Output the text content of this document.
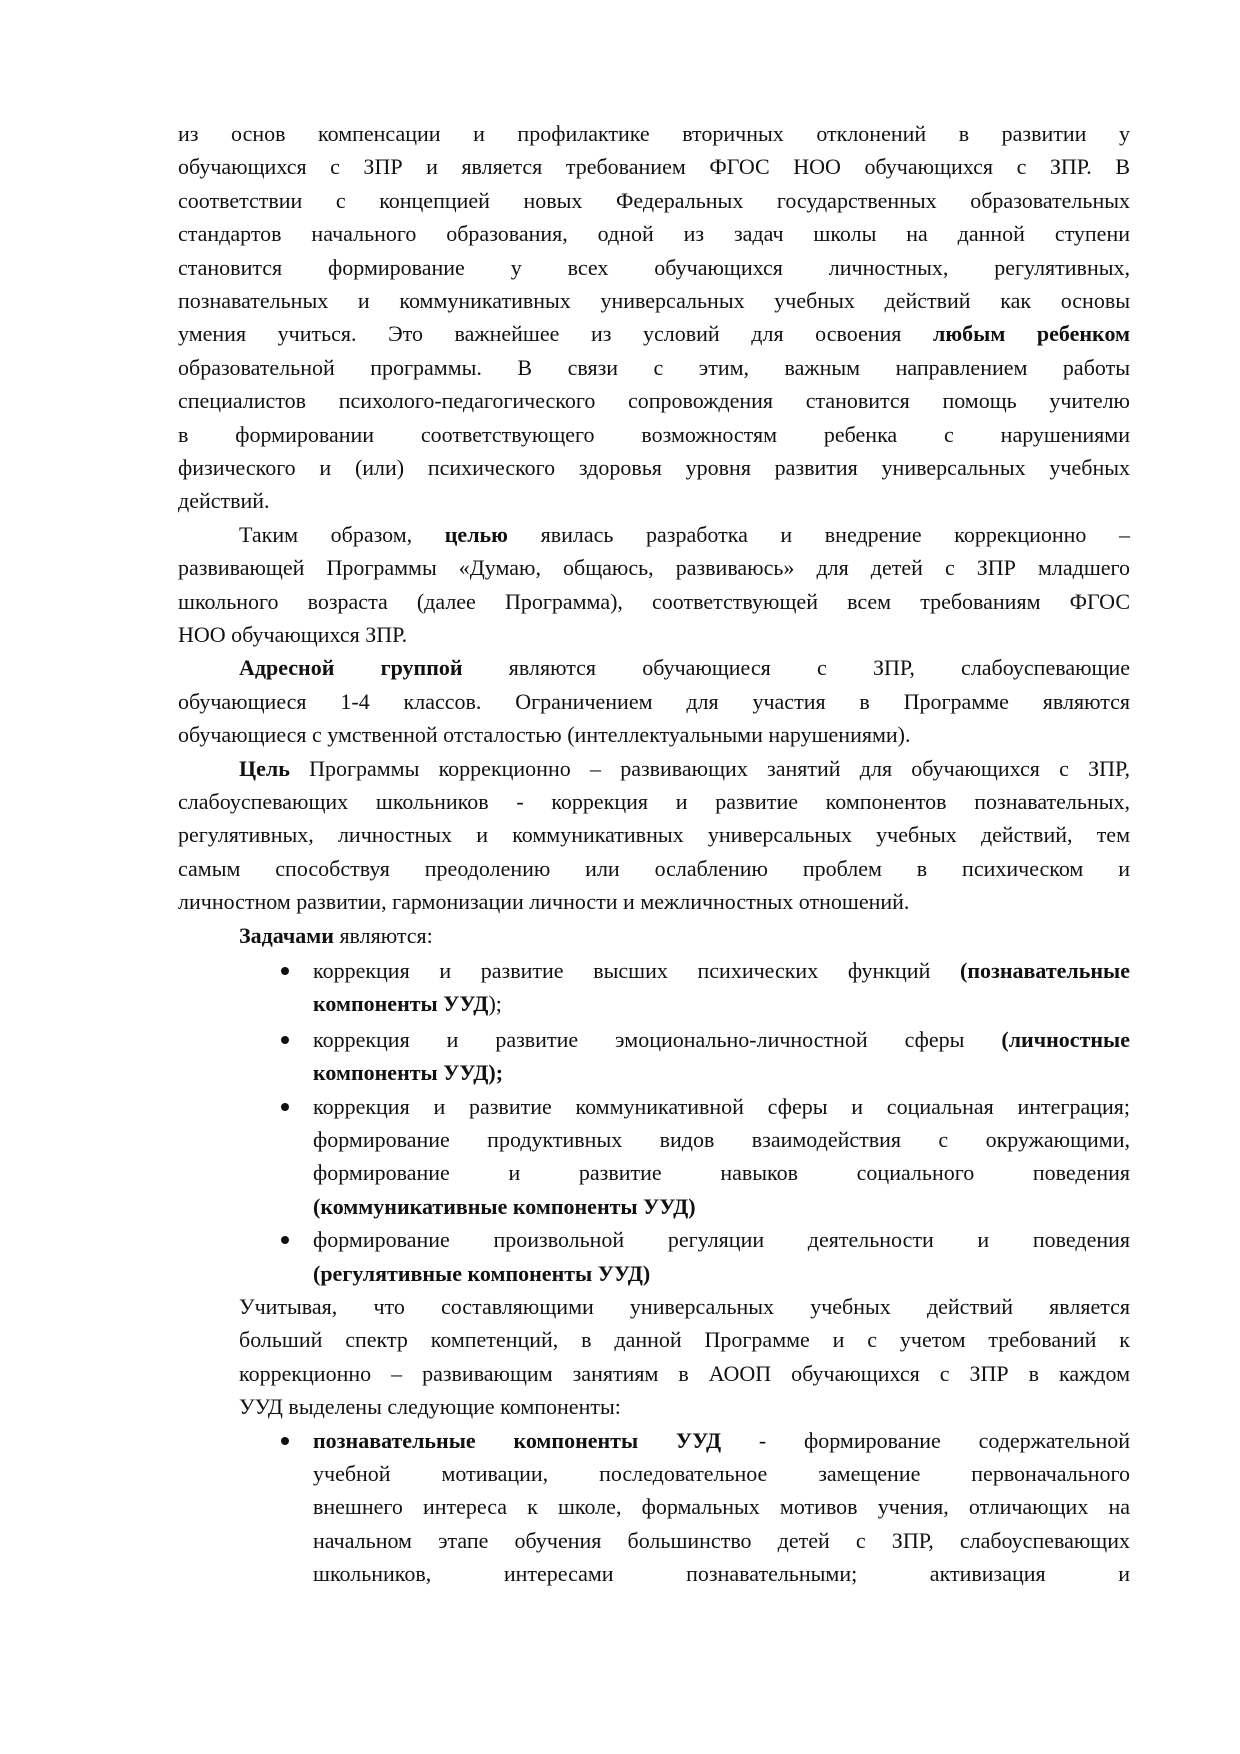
из основ компенсации и профилактике вторичных отклонений в развитии у
обучающихся с ЗПР и является требованием ФГОС НОО обучающихся с ЗПР. В
соответствии с концепцией новых Федеральных государственных образовательных
стандартов начального образования, одной из задач школы на данной ступени
становится формирование у всех обучающихся личностных, регулятивных,
познавательных и коммуникативных универсальных учебных действий как основы
умения учиться. Это важнейшее из условий для освоения любым ребенком
образовательной программы. В связи с этим, важным направлением работы
специалистов психолого-педагогического сопровождения становится помощь учителю
в формировании соответствующего возможностям ребенка с нарушениями
физического и (или) психического здоровья уровня развития универсальных учебных
действий.
Таким образом, целью явилась разработка и внедрение коррекционно –
развивающей Программы «Думаю, общаюсь, развиваюсь» для детей с ЗПР младшего
школьного возраста (далее Программа), соответствующей всем требованиям ФГОС
НОО обучающихся ЗПР.
Адресной группой являются обучающиеся с ЗПР, слабоуспевающие
обучающиеся 1-4 классов. Ограничением для участия в Программе являются
обучающиеся с умственной отсталостью (интеллектуальными нарушениями).
Цель Программы коррекционно – развивающих занятий для обучающихся с ЗПР,
слабоуспевающих школьников - коррекция и развитие компонентов познавательных,
регулятивных, личностных и коммуникативных универсальных учебных действий, тем
самым способствуя преодолению или ослаблению проблем в психическом и
личностном развитии, гармонизации личности и межличностных отношений.
Задачами являются:
коррекция и развитие высших психических функций (познавательные
компоненты УУД);
коррекция и развитие эмоционально-личностной сферы (личностные
компоненты УУД);
коррекция и развитие коммуникативной сферы и социальная интеграция;
формирование продуктивных видов взаимодействия с окружающими,
формирование и развитие навыков социального поведения
(коммуникативные компоненты УУД)
формирование произвольной регуляции деятельности и поведения
(регулятивные компоненты УУД)
Учитывая, что составляющими универсальных учебных действий является
больший спектр компетенций, в данной Программе и с учетом требований к
коррекционно – развивающим занятиям в АООП обучающихся с ЗПР в каждом
УУД выделены следующие компоненты:
познавательные компоненты УУД - формирование содержательной
учебной мотивации, последовательное замещение первоначального
внешнего интереса к школе, формальных мотивов учения, отличающих на
начальном этапе обучения большинство детей с ЗПР, слабоуспевающих
школьников, интересами познавательными; активизация и
